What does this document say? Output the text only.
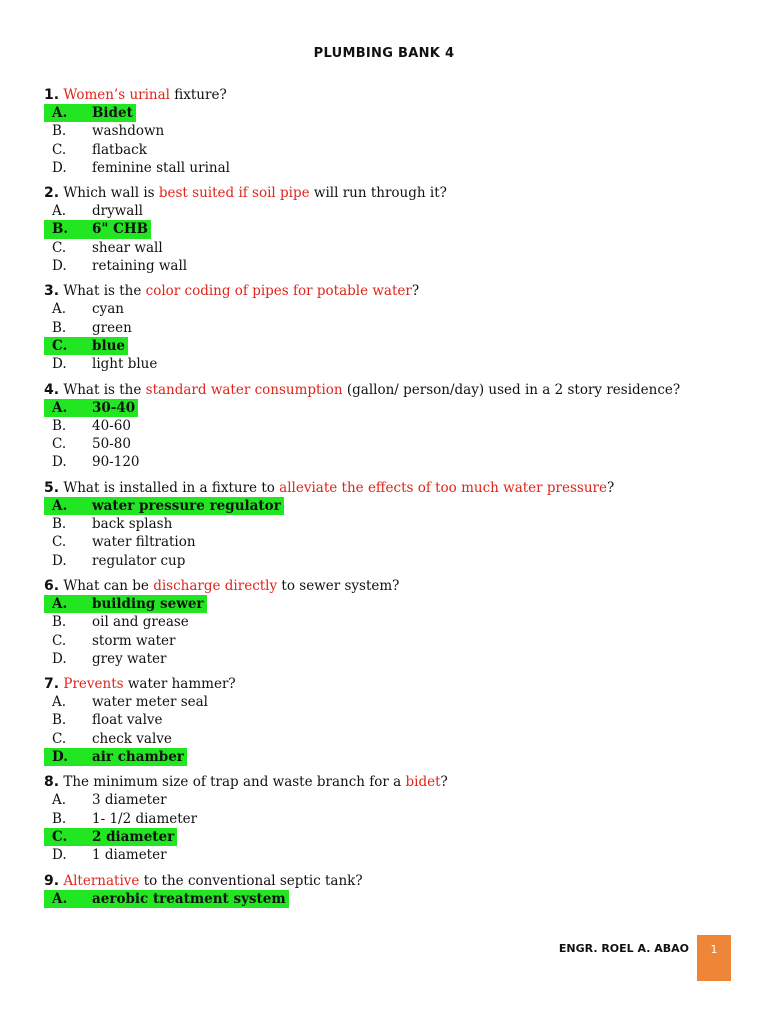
PLUMBING BANK 4
1. Women’s urinal fixture?
A. Bidet
B. washdown
C. flatback
D. feminine stall urinal
2. Which wall is best suited if soil pipe will run through it?
A. drywall
B. 6" CHB
C. shear wall
D. retaining wall
3. What is the color coding of pipes for potable water?
A. cyan
B. green
C. blue
D. light blue
4. What is the standard water consumption (gallon/ person/day) used in a 2 story residence?
A. 30-40
B. 40-60
C. 50-80
D. 90-120
5. What is installed in a fixture to alleviate the effects of too much water pressure?
A. water pressure regulator
B. back splash
C. water filtration
D. regulator cup
6. What can be discharge directly to sewer system?
A. building sewer
B. oil and grease
C. storm water
D. grey water
7. Prevents water hammer?
A. water meter seal
B. float valve
C. check valve
D. air chamber
8. The minimum size of trap and waste branch for a bidet?
A. 3 diameter
B. 1- 1/2 diameter
C. 2 diameter
D. 1 diameter
9. Alternative to the conventional septic tank?
A. aerobic treatment system
ENGR. ROEL A. ABAO	1
